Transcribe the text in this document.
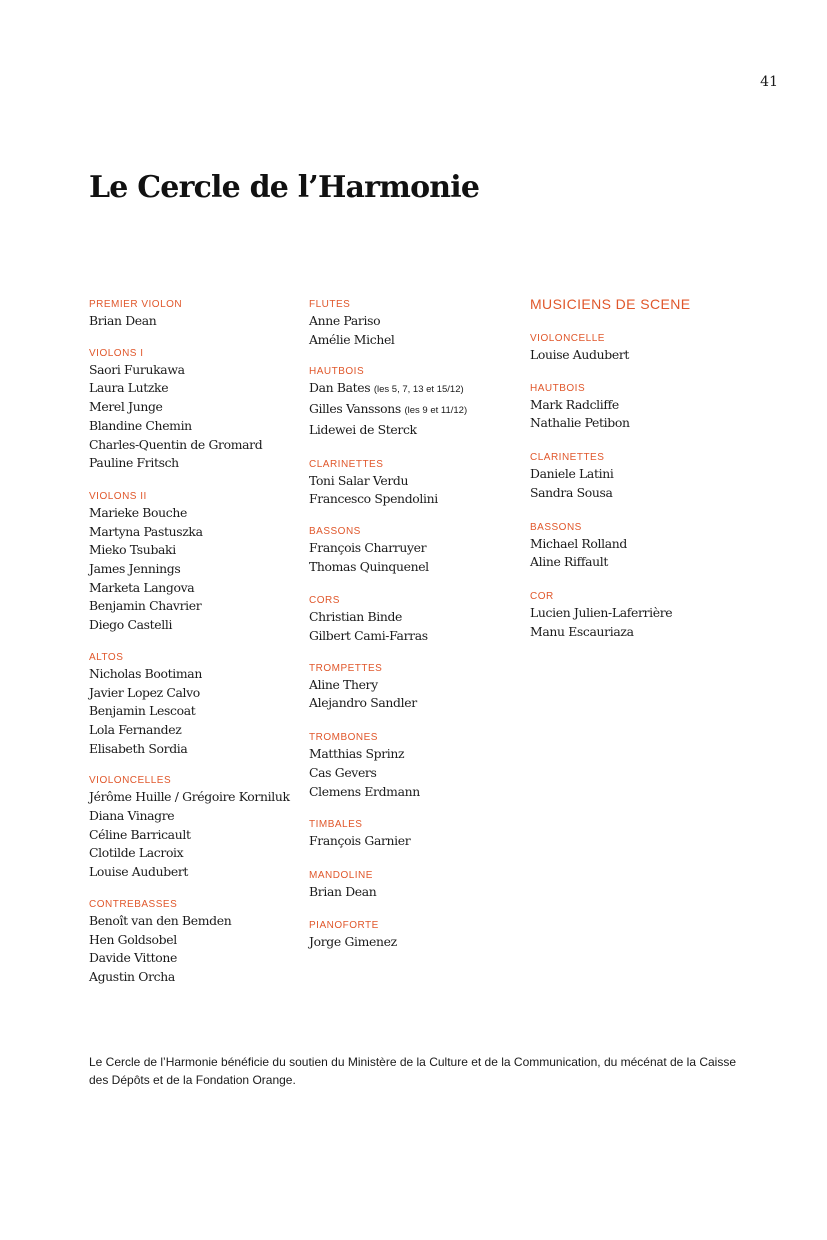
41
Le Cercle de l’Harmonie
PREMIER VIOLON
Brian Dean
VIOLONS I
Saori Furukawa
Laura Lutzke
Merel Junge
Blandine Chemin
Charles-Quentin de Gromard
Pauline Fritsch
VIOLONS II
Marieke Bouche
Martyna Pastuszka
Mieko Tsubaki
James Jennings
Marketa Langova
Benjamin Chavrier
Diego Castelli
ALTOS
Nicholas Bootiman
Javier Lopez Calvo
Benjamin Lescoat
Lola Fernandez
Elisabeth Sordia
VIOLONCELLES
Jérôme Huille / Grégoire Korniluk
Diana Vinagre
Céline Barricault
Clotilde Lacroix
Louise Audubert
CONTREBASSES
Benoît van den Bemden
Hen Goldsobel
Davide Vittone
Agustin Orcha
FLUTES
Anne Pariso
Amélie Michel
HAUTBOIS
Dan Bates (les 5, 7, 13 et 15/12)
Gilles Vanssons (les 9 et 11/12)
Lidewei de Sterck
CLARINETTES
Toni Salar Verdu
Francesco Spendolini
BASSONS
François Charruyer
Thomas Quinquenel
CORS
Christian Binde
Gilbert Cami-Farras
TROMPETTES
Aline Thery
Alejandro Sandler
TROMBONES
Matthias Sprinz
Cas Gevers
Clemens Erdmann
TIMBALES
François Garnier
MANDOLINE
Brian Dean
PIANOFORTE
Jorge Gimenez
MUSICIENS DE SCENE
VIOLONCELLE
Louise Audubert
HAUTBOIS
Mark Radcliffe
Nathalie Petibon
CLARINETTES
Daniele Latini
Sandra Sousa
BASSONS
Michael Rolland
Aline Riffault
COR
Lucien Julien-Laferrière
Manu Escauriaza

Le Cercle de l’Harmonie bénéficie du soutien du Ministère de la Culture et de la Communication, du mécénat de la Caisse des Dépôts et de la Fondation Orange.
